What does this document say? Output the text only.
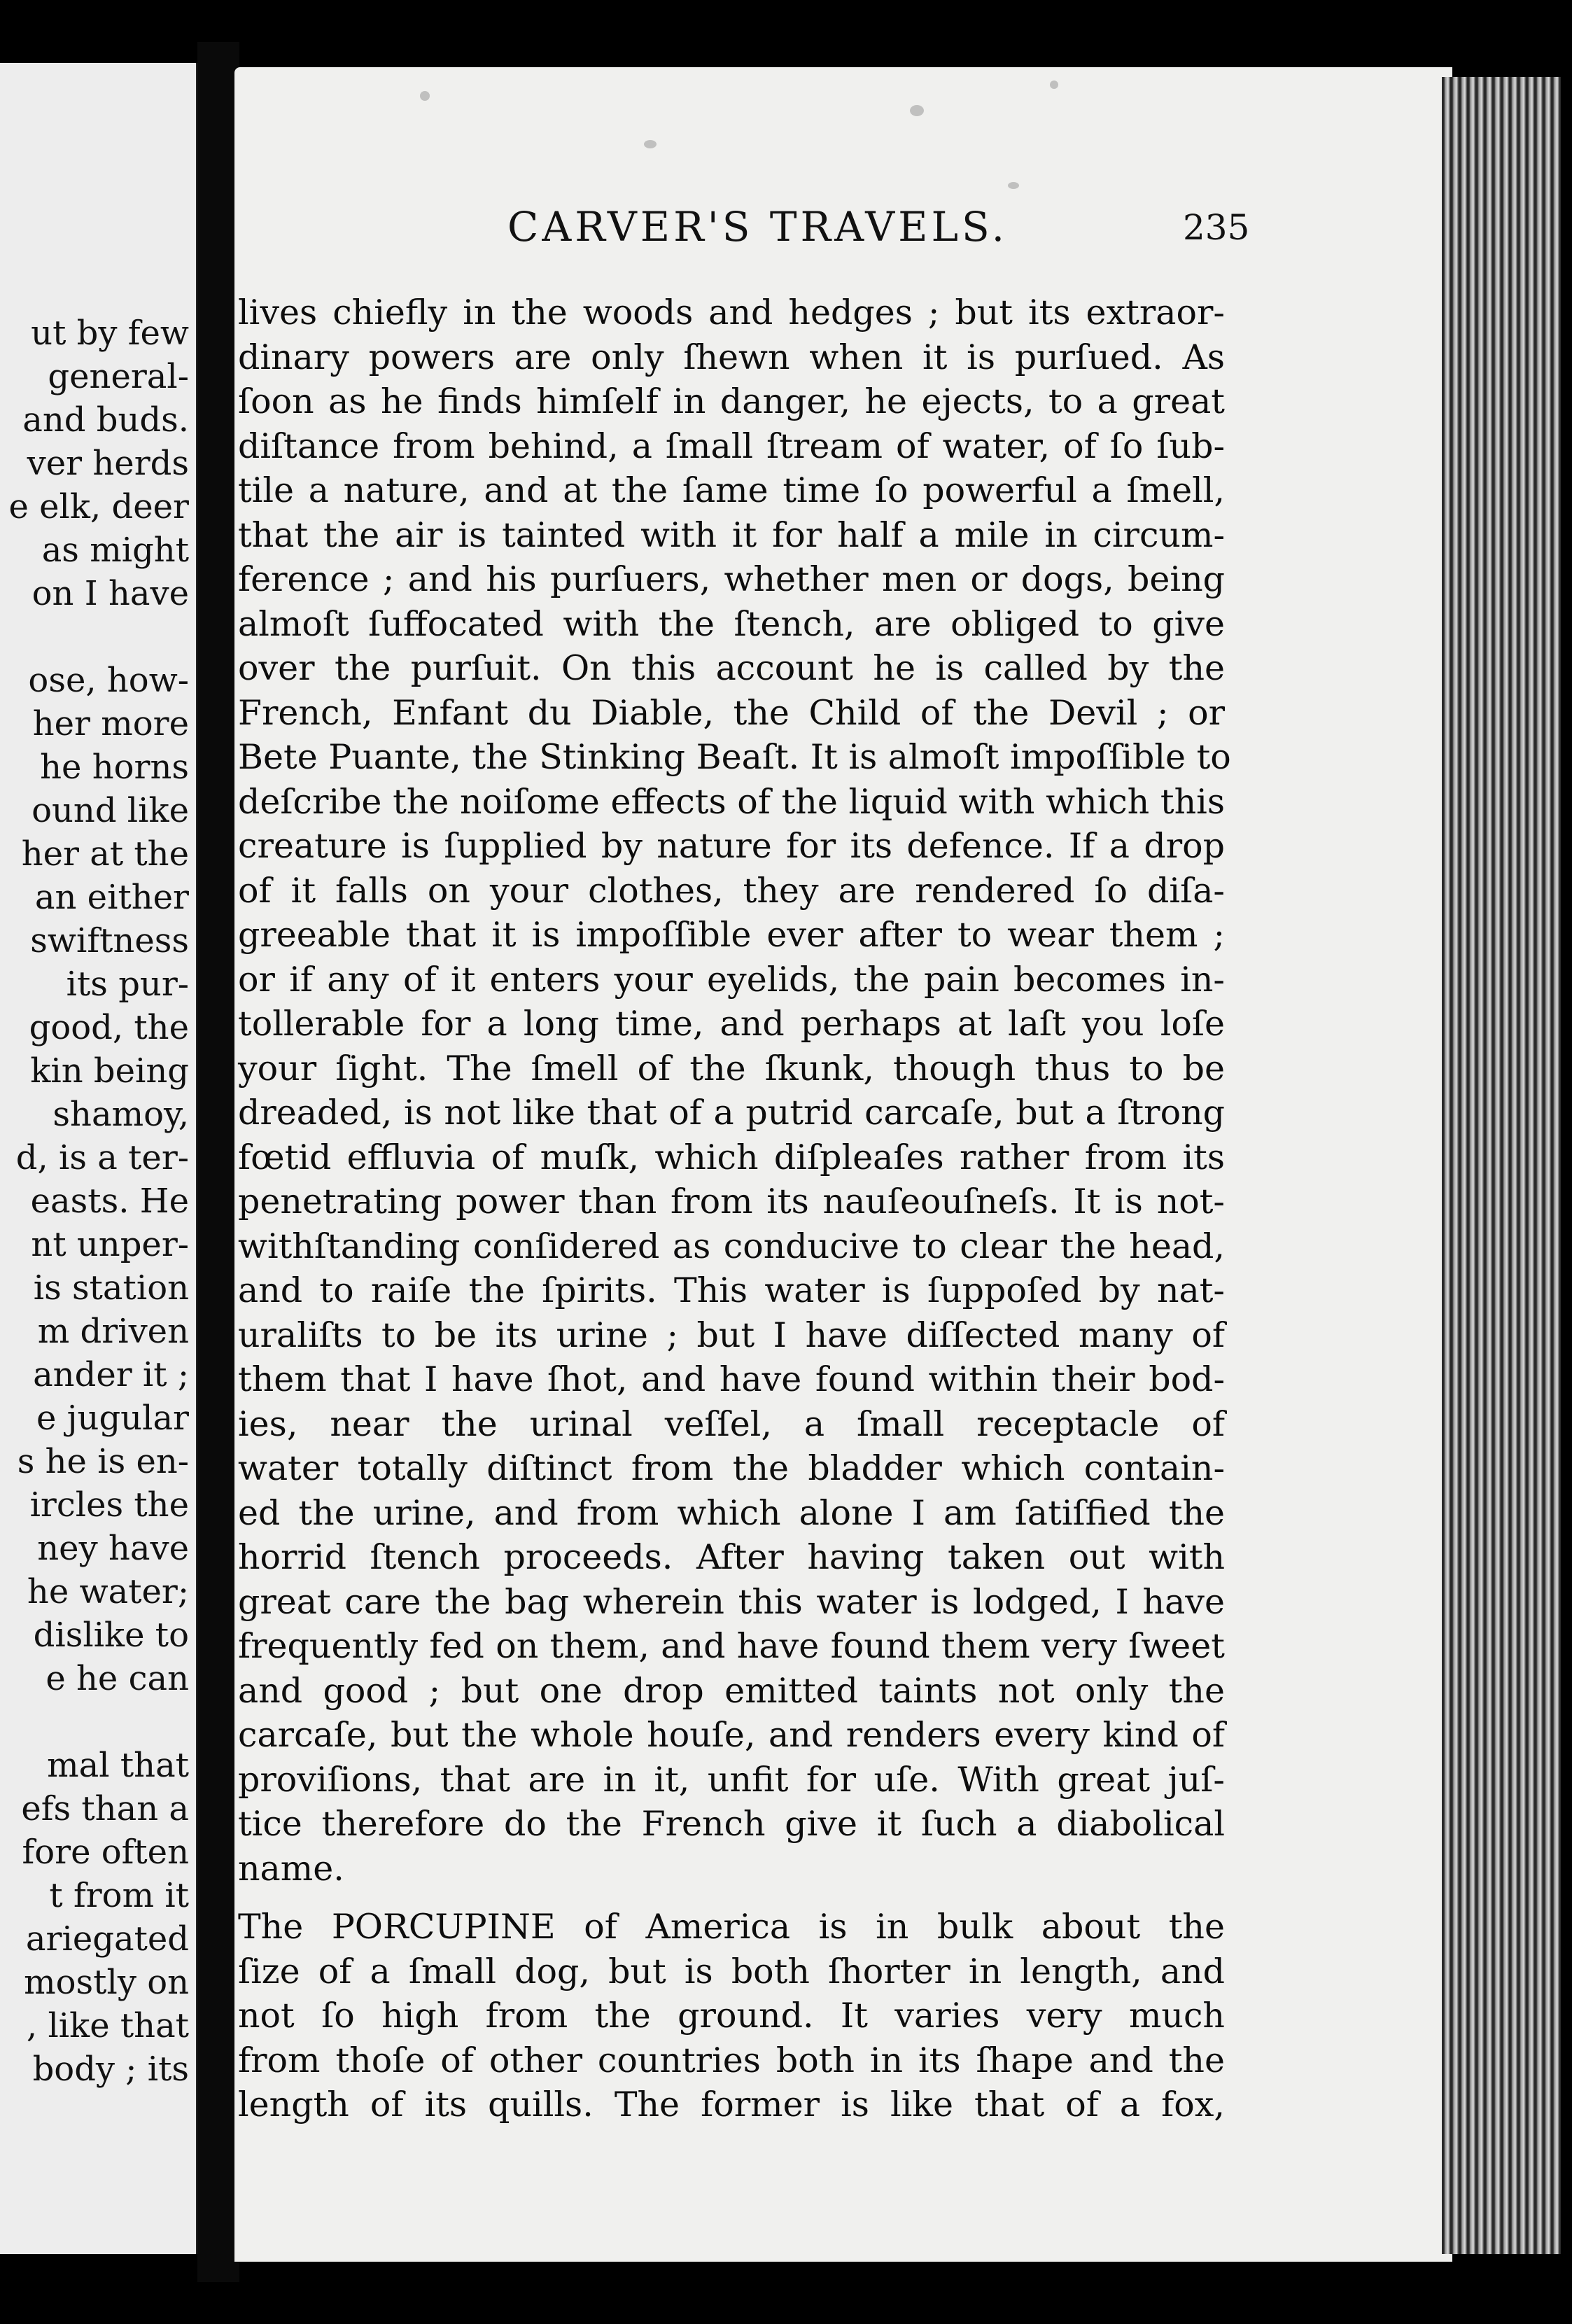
ut by few
general-
and buds.
ver herds
e elk, deer
as might
on I have
ose, how-
her more
he horns
ound like
her at the
an either
swiftness
its pur-
good, the
kin being
shamoy,
d, is a ter-
easts. He
nt unper-
is station
m driven
ander it ;
e jugular
s he is en-
ircles the
ney have
he water;
dislike to
e he can
mal that
efs than a
fore often
t from it
ariegated
mostly on
, like that
body ; its
CARVER'S TRAVELS.	235
lives chiefly in the woods and hedges ; but its extraor-
dinary powers are only ſhewn when it is purſued. As
ſoon as he finds himſelf in danger, he ejects, to a great
diſtance from behind, a ſmall ſtream of water, of ſo ſub-
tile a nature, and at the ſame time ſo powerful a ſmell,
that the air is tainted with it for half a mile in circum-
ference ; and his purſuers, whether men or dogs, being
almoſt ſuffocated with the ſtench, are obliged to give
over the purſuit. On this account he is called by the
French, Enfant du Diable, the Child of the Devil ; or
Bete Puante, the Stinking Beaſt. It is almoſt impoſſible to
deſcribe the noiſome effects of the liquid with which this
creature is ſupplied by nature for its defence. If a drop
of it falls on your clothes, they are rendered ſo diſa-
greeable that it is impoſſible ever after to wear them ;
or if any of it enters your eyelids, the pain becomes in-
tollerable for a long time, and perhaps at laſt you loſe
your ſight. The ſmell of the ſkunk, though thus to be
dreaded, is not like that of a putrid carcaſe, but a ſtrong
fœtid effluvia of muſk, which diſpleaſes rather from its
penetrating power than from its nauſeouſneſs. It is not-
withſtanding conſidered as conducive to clear the head,
and to raiſe the ſpirits. This water is ſuppoſed by nat-
uraliſts to be its urine ; but I have diſſected many of
them that I have ſhot, and have found within their bod-
ies, near the urinal veſſel, a ſmall receptacle of
water totally diſtinct from the bladder which contain-
ed the urine, and from which alone I am ſatiſfied the
horrid ſtench proceeds. After having taken out with
great care the bag wherein this water is lodged, I have
frequently fed on them, and have found them very ſweet
and good ; but one drop emitted taints not only the
carcaſe, but the whole houſe, and renders every kind of
proviſions, that are in it, unfit for uſe. With great juſ-
tice therefore do the French give it ſuch a diabolical
name.
The PORCUPINE of America is in bulk about the
ſize of a ſmall dog, but is both ſhorter in length, and
not ſo high from the ground. It varies very much
from thoſe of other countries both in its ſhape and the
length of its quills. The former is like that of a fox,
